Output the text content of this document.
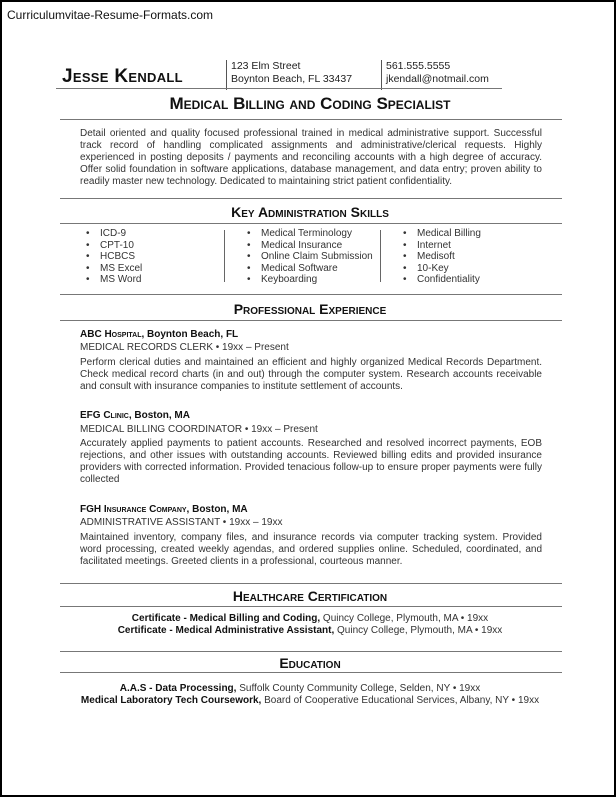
Curriculumvitae-Resume-Formats.com
Jesse Kendall	123 Elm Street
Boynton Beach, FL 33437
561.555.5555
jkendall@notmail.com
Medical Billing and Coding Specialist
Detail oriented and quality focused professional trained in medical administrative support. Successful track record of handling complicated assignments and administrative/clerical requests. Highly experienced in posting deposits / payments and reconciling accounts with a high degree of accuracy. Offer solid foundation in software applications, database management, and data entry; proven ability to readily master new technology. Dedicated to maintaining strict patient confidentiality.
Key Administration Skills
• ICD-9
• CPT-10
• HCBCS
• MS Excel
• MS Word
• Medical Terminology
• Medical Insurance
• Online Claim Submission
• Medical Software
• Keyboarding
• Medical Billing
• Internet
• Medisoft
• 10-Key
• Confidentiality
Professional Experience
ABC Hospital, Boynton Beach, FL
MEDICAL RECORDS CLERK • 19xx – Present
Perform clerical duties and maintained an efficient and highly organized Medical Records Department. Check medical record charts (in and out) through the computer system. Research accounts receivable and consult with insurance companies to institute settlement of accounts.
EFG Clinic, Boston, MA
MEDICAL BILLING COORDINATOR • 19xx – Present
Accurately applied payments to patient accounts. Researched and resolved incorrect payments, EOB rejections, and other issues with outstanding accounts. Reviewed billing edits and provided insurance providers with corrected information. Provided tenacious follow-up to ensure proper payments were fully collected
FGH Insurance Company, Boston, MA
ADMINISTRATIVE ASSISTANT • 19xx – 19xx
Maintained inventory, company files, and insurance records via computer tracking system. Provided word processing, created weekly agendas, and ordered supplies online. Scheduled, coordinated, and facilitated meetings. Greeted clients in a professional, courteous manner.
Healthcare Certification
Certificate - Medical Billing and Coding, Quincy College, Plymouth, MA • 19xx
Certificate - Medical Administrative Assistant, Quincy College, Plymouth, MA • 19xx
Education
A.A.S - Data Processing, Suffolk County Community College, Selden, NY • 19xx
Medical Laboratory Tech Coursework, Board of Cooperative Educational Services, Albany, NY • 19xx
